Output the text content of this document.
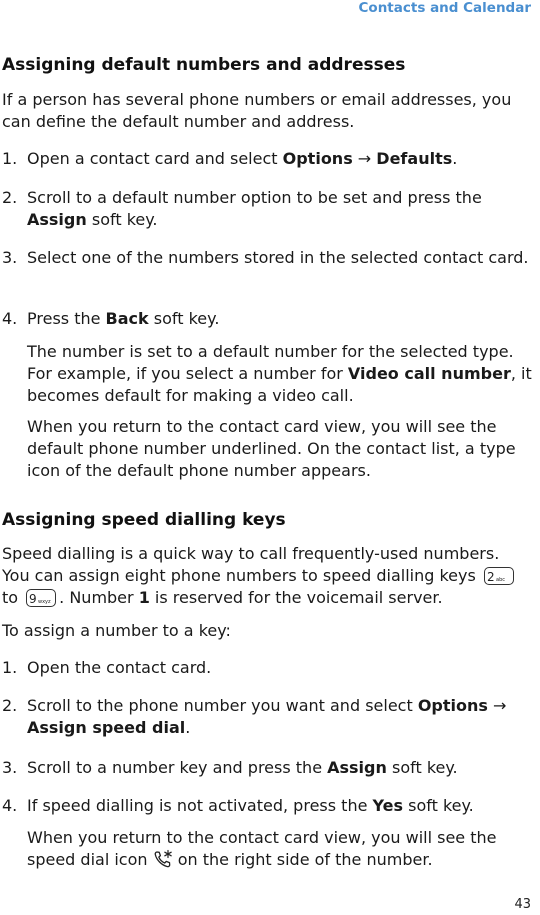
Contacts and Calendar
Assigning default numbers and addresses
If a person has several phone numbers or email addresses, you can define the default number and address.
1. Open a contact card and select Options → Defaults.
2. Scroll to a default number option to be set and press the Assign soft key.
3. Select one of the numbers stored in the selected contact card.
4. Press the Back soft key.
The number is set to a default number for the selected type. For example, if you select a number for Video call number, it becomes default for making a video call.
When you return to the contact card view, you will see the default phone number underlined. On the contact list, a type icon of the default phone number appears.
Assigning speed dialling keys
Speed dialling is a quick way to call frequently-used numbers. You can assign eight phone numbers to speed dialling keys 2 abc
to 9 wxyz . Number 1 is reserved for the voicemail server.
To assign a number to a key:
1. Open the contact card.
2. Scroll to the phone number you want and select Options →
Assign speed dial.
3. Scroll to a number key and press the Assign soft key.
4. If speed dialling is not activated, press the Yes soft key.
When you return to the contact card view, you will see the speed dial icon  on the right side of the number.
43
